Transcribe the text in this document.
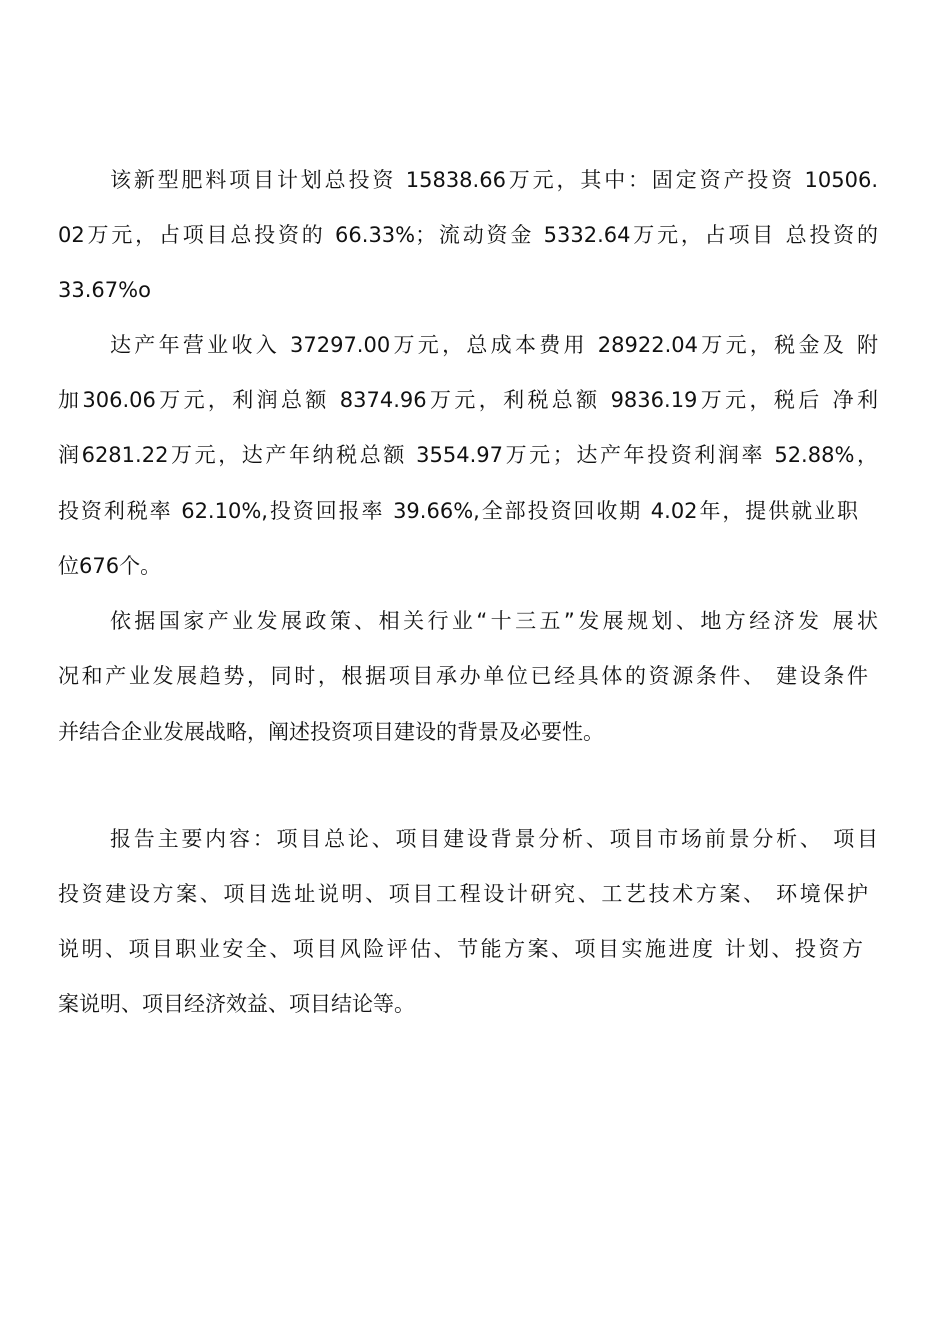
该新型肥料项目计划总投资 15838.66万元，其中：固定资产投资 10506.
02万元，占项目总投资的 66.33%；流动资金 5332.64万元，占项目 总投资的
33.67%o
达产年营业收入 37297.00万元，总成本费用 28922.04万元，税金及 附
加306.06万元，利润总额 8374.96万元，利税总额 9836.19万元，税后 净利
润6281.22万元，达产年纳税总额 3554.97万元；达产年投资利润率 52.88%，
投资利税率 62.10%,投资回报率 39.66%,全部投资回收期 4.02年，提供就业职
位676个。
依据国家产业发展政策、相关行业“十三五”发展规划、地方经济发 展状
况和产业发展趋势，同时，根据项目承办单位已经具体的资源条件、 建设条件
并结合企业发展战略，阐述投资项目建设的背景及必要性。
报告主要内容：项目总论、项目建设背景分析、项目市场前景分析、 项目
投资建设方案、项目选址说明、项目工程设计研究、工艺技术方案、 环境保护
说明、项目职业安全、项目风险评估、节能方案、项目实施进度 计划、投资方
案说明、项目经济效益、项目结论等。
